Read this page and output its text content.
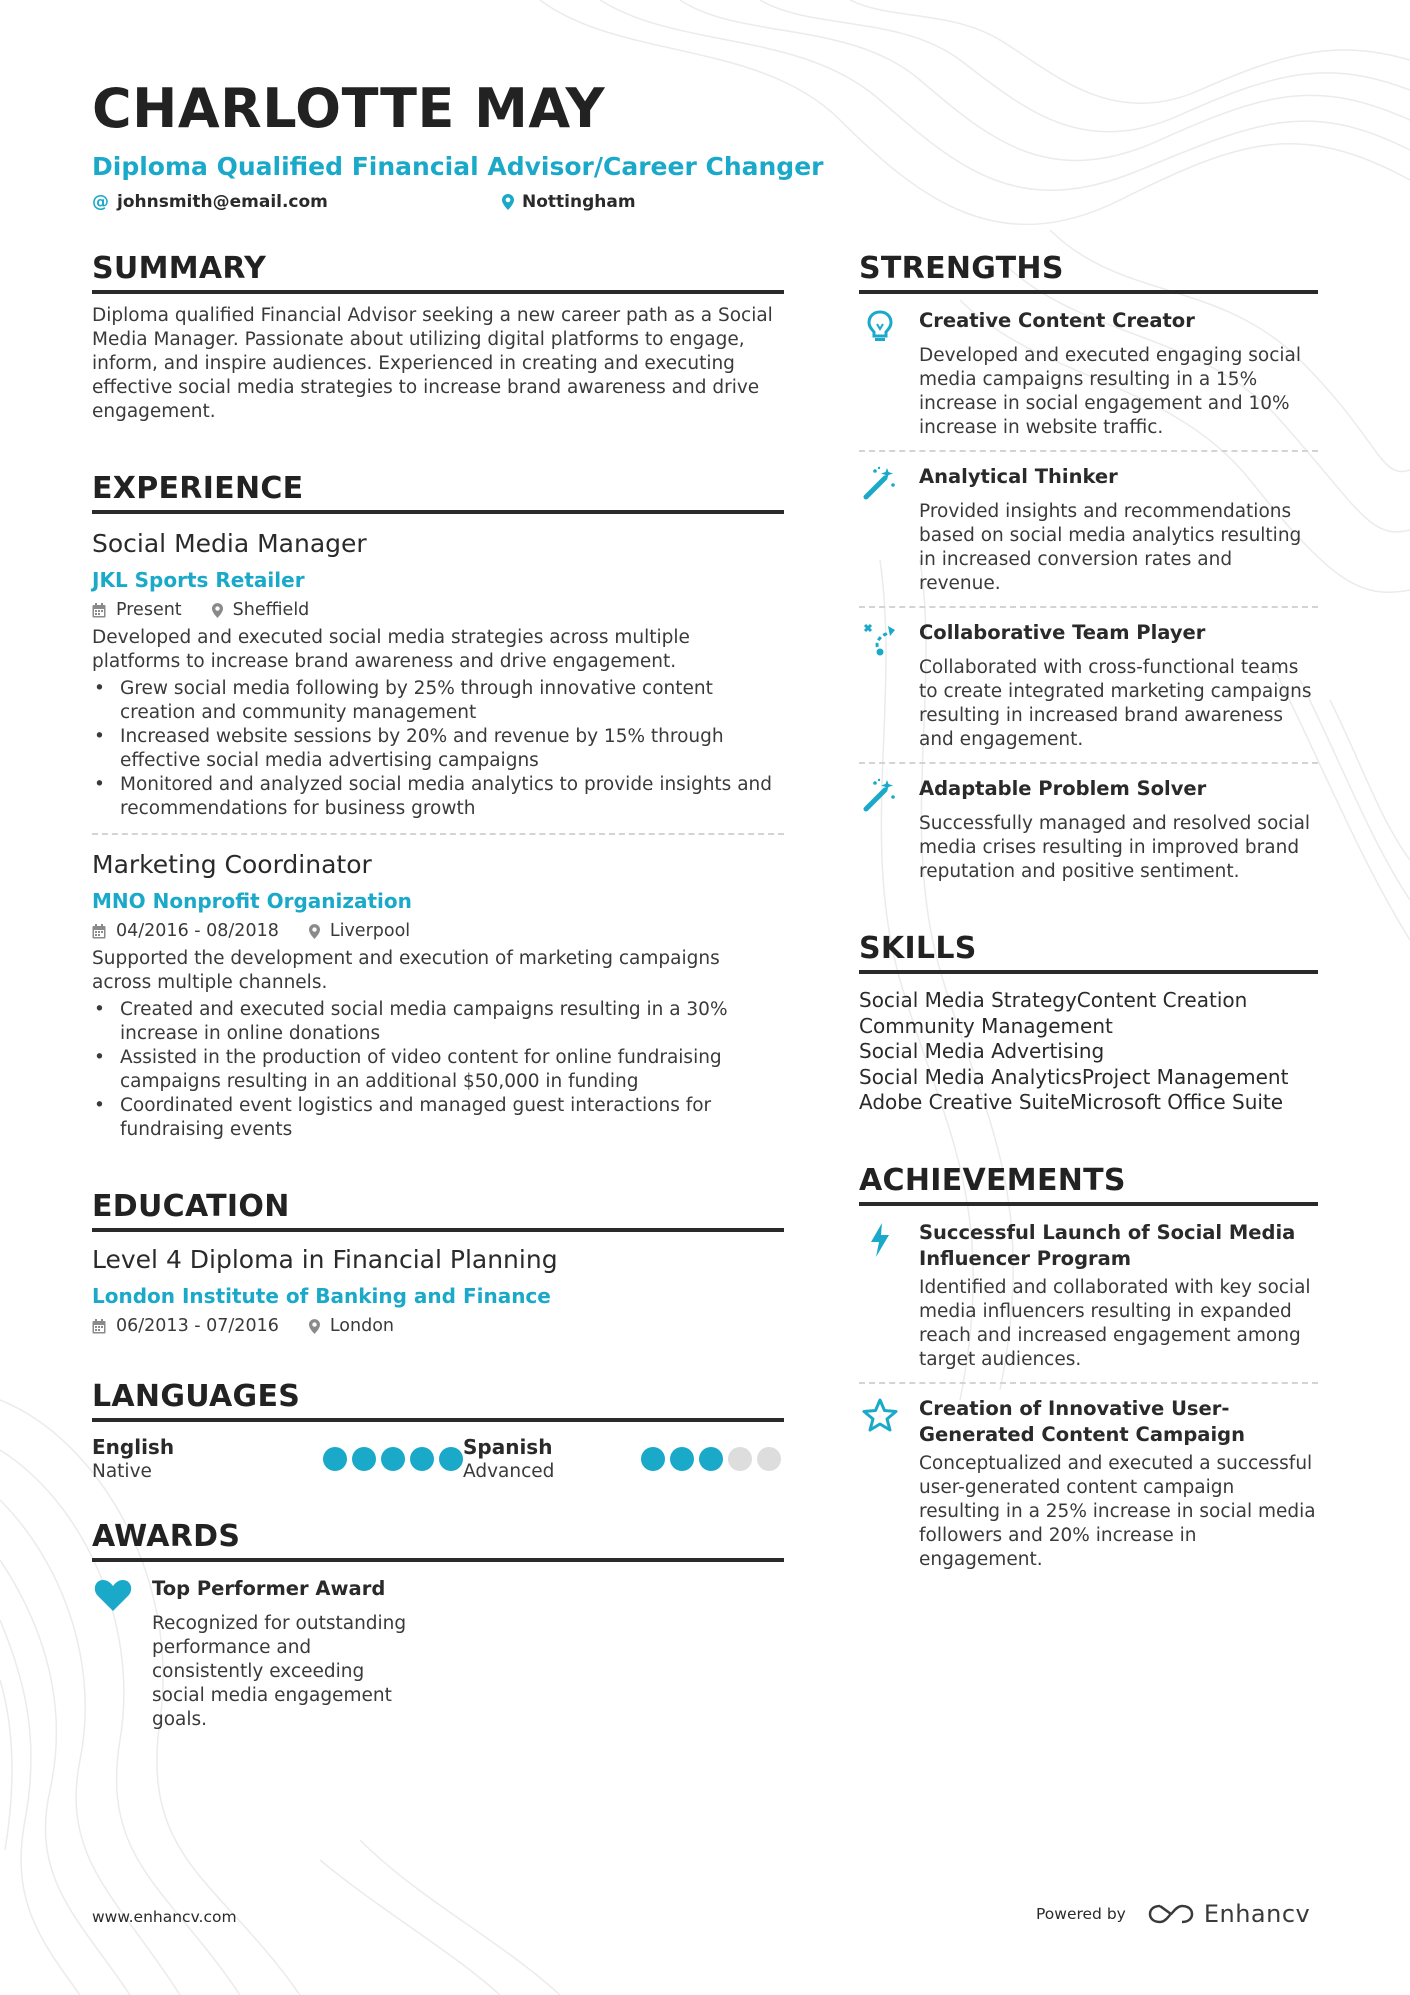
CHARLOTTE MAY
Diploma Qualified Financial Advisor/Career Changer
@ johnsmith@email.com	Nottingham
SUMMARY

Diploma qualified Financial Advisor seeking a new career path as a Social Media Manager. Passionate about utilizing digital platforms to engage, inform, and inspire audiences. Experienced in creating and executing effective social media strategies to increase brand awareness and drive engagement.

EXPERIENCE
Social Media Manager
JKL Sports Retailer
Present	Sheffield

Developed and executed social media strategies across multiple platforms to increase brand awareness and drive engagement.

• Grew social media following by 25% through innovative content creation and community management
• Increased website sessions by 20% and revenue by 15% through effective social media advertising campaigns
• Monitored and analyzed social media analytics to provide insights and recommendations for business growth
Marketing Coordinator
MNO Nonprofit Organization
04/2016 - 08/2018	Liverpool

Supported the development and execution of marketing campaigns across multiple channels.

• Created and executed social media campaigns resulting in a 30% increase in online donations
• Assisted in the production of video content for online fundraising campaigns resulting in an additional $50,000 in funding
• Coordinated event logistics and managed guest interactions for fundraising events
EDUCATION
Level 4 Diploma in Financial Planning
London Institute of Banking and Finance
06/2013 - 07/2016	London
LANGUAGES
English
Native
Spanish
Advanced
AWARDS
Top Performer Award
Recognized for outstanding performance and consistently exceeding social media engagement goals.
STRENGTHS
Creative Content Creator
Developed and executed engaging social media campaigns resulting in a 15% increase in social engagement and 10% increase in website traffic.
Analytical Thinker
Provided insights and recommendations based on social media analytics resulting in increased conversion rates and revenue.
Collaborative Team Player
Collaborated with cross-functional teams to create integrated marketing campaigns resulting in increased brand awareness and engagement.
Adaptable Problem Solver
Successfully managed and resolved social media crises resulting in improved brand reputation and positive sentiment.
SKILLS
Social Media StrategyContent Creation
Community Management
Social Media Advertising
Social Media AnalyticsProject Management
Adobe Creative SuiteMicrosoft Office Suite
ACHIEVEMENTS
Successful Launch of Social Media Influencer Program
Identified and collaborated with key social media influencers resulting in expanded reach and increased engagement among target audiences.
Creation of Innovative User-Generated Content Campaign
Conceptualized and executed a successful user-generated content campaign resulting in a 25% increase in social media followers and 20% increase in engagement.
www.enhancv.com	Powered by	Enhancv
